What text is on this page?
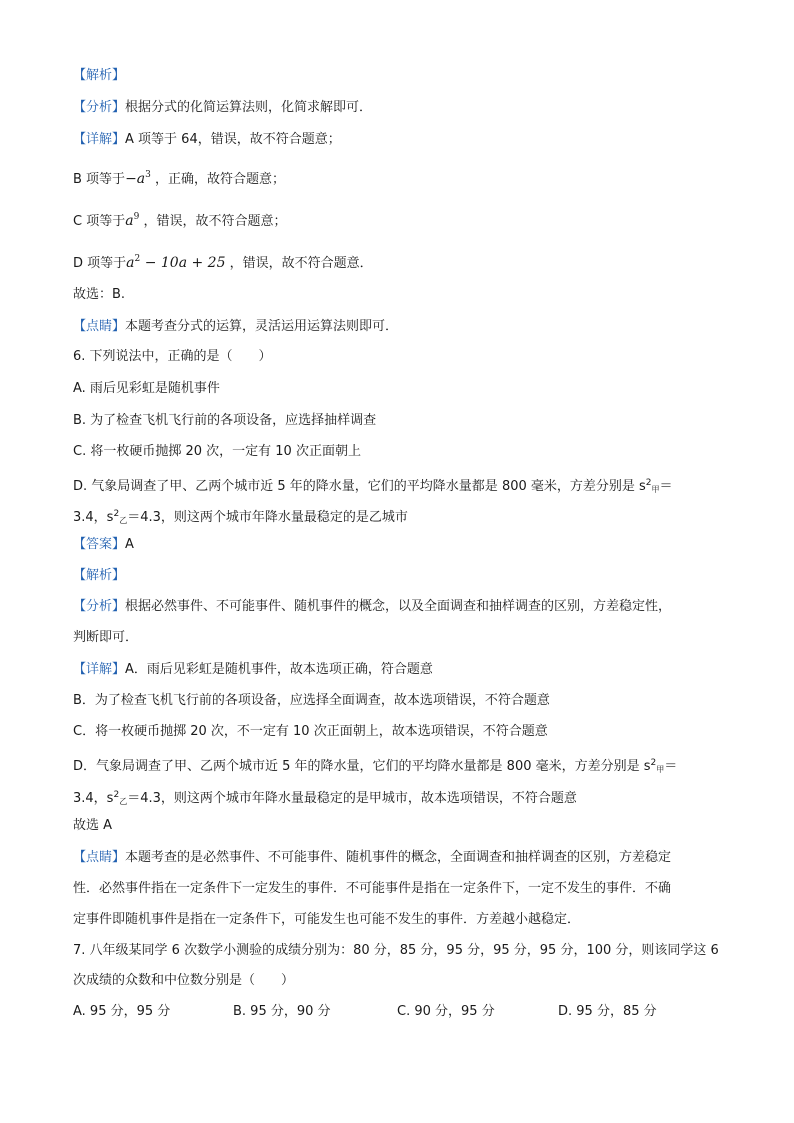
【解析】
【分析】根据分式的化简运算法则，化简求解即可．
【详解】A 项等于 64，错误，故不符合题意；
B 项等于$-a^3$ ，正确，故符合题意；
C 项等于$a^9$ ，错误，故不符合题意；
D 项等于$a^2 - 10a + 25$ ，错误，故不符合题意．
故选：B.
【点睛】本题考查分式的运算，灵活运用运算法则即可．
6. 下列说法中，正确的是（　　）
A. 雨后见彩虹是随机事件
B. 为了检查飞机飞行前的各项设备，应选择抽样调查
C. 将一枚硬币抛掷 20 次，一定有 10 次正面朝上
D. 气象局调查了甲、乙两个城市近 5 年的降水量，它们的平均降水量都是 800 毫米，方差分别是 $s^2_甲=$
3.4，$s^2_乙=4.3$，则这两个城市年降水量最稳定的是乙城市
【答案】A
【解析】
【分析】根据必然事件、不可能事件、随机事件的概念，以及全面调查和抽样调查的区别，方差稳定性，
判断即可．
【详解】A．雨后见彩虹是随机事件，故本选项正确，符合题意
B．为了检查飞机飞行前的各项设备，应选择全面调查，故本选项错误，不符合题意
C．将一枚硬币抛掷 20 次，不一定有 10 次正面朝上，故本选项错误，不符合题意
D．气象局调查了甲、乙两个城市近 5 年的降水量，它们的平均降水量都是 800 毫米，方差分别是 $s^2_甲=$
3.4，$s^2_乙=4.3$，则这两个城市年降水量最稳定的是甲城市，故本选项错误，不符合题意
故选 A
【点睛】本题考查的是必然事件、不可能事件、随机事件的概念，全面调查和抽样调查的区别，方差稳定
性．必然事件指在一定条件下一定发生的事件．不可能事件是指在一定条件下，一定不发生的事件．不确
定事件即随机事件是指在一定条件下，可能发生也可能不发生的事件．方差越小越稳定．
7. 八年级某同学 6 次数学小测验的成绩分别为：80 分，85 分，95 分，95 分，95 分，100 分，则该同学这 6
次成绩的众数和中位数分别是（　　）
A. 95 分，95 分	B. 95 分，90 分	C. 90 分，95 分	D. 95 分，85 分
